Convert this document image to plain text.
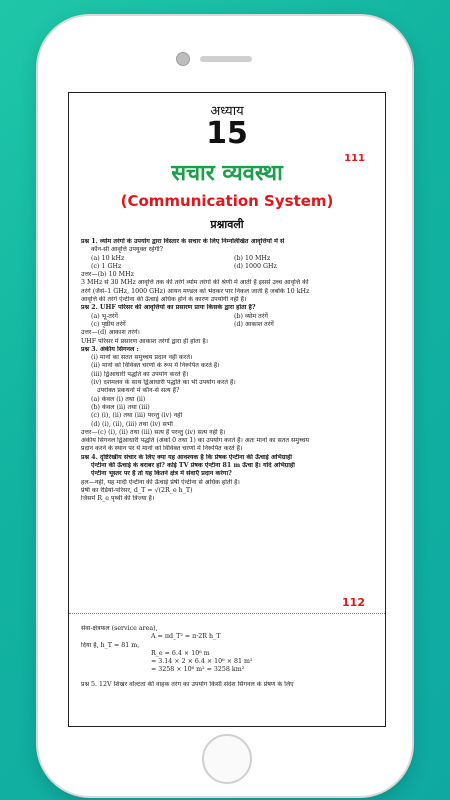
111
अध्याय
15
सचार व्यवस्था
(Communication System)
प्रश्नावली

प्रश्न 1. व्योम तरंगों के उपयोग द्वारा विस्तार के सचार के लिए निम्नलिखित आवृत्तियों में से

कौन-सी आवृत्ति उपयुक्त रहेगी?

(a) 10 kHz	(b) 10 MHz
(c) 1 GHz	(d) 1000 GHz

उत्तर—(b) 10 MHz

3 MHz से 30 MHz आवृत्ति तक की तरंगें व्योम तरंगों की श्रेणी में आती हैं इससे उच्च आवृत्ति की

तरंगें (जैसे–1 GHz, 1000 GHz) आयन मण्डल को भेदकर पार निकल जाती हैं जबकि 10 kHz

आवृत्ति की तरंगें ऐन्टीना की ऊँचाई अधिक होने के कारण उपयोगी नहीं हैं।

प्रश्न 2. UHF परिसर की आवृत्तियों का प्रसारण प्रायः किसके द्वारा होता है?

(a) भू-तरंगें	(b) व्योम तरंगें
(c) पृष्ठीय तरंगें	(d) आकाश तरंगें

उत्तर—(d) आकाश तरंगें।

UHF परिसर में प्रसारण आकाश तरंगों द्वारा ही होता है।

प्रश्न 3. अंकीय सिगनल :

(i) मानों का सतत समुच्चय प्रदान नहीं करते।

(ii) मानों को विविक्त चरणों के रूप में निरूपित करते हैं।

(iii) द्विआधारी पद्धति का उपयोग करते हैं।

(iv) दशमलव के साथ द्विआधारी पद्धति का भी उपयोग करते हैं।

उपरोक्त प्रकथनों में कौन-से सत्य हैं?

(a) केवल (i) तथा (ii)

(b) केवल (ii) तथा (iii)

(c) (i), (ii) तथा (iii) परन्तु (iv) नहीं

(d) (i), (ii), (iii) तथा (iv) सभी

उत्तर—(c) (i), (ii) तथा (iii) सत्य हैं परन्तु (iv) सत्य नहीं है।

अंकीय सिगनल द्विआधारी पद्धति (अंकों 0 तथा 1) का उपयोग करते हैं। अतः मानों का सतत समुच्चय

प्रदान करने के स्थान पर ये मानों को विविक्त चरणों में निरूपित करते हैं।

प्रश्न 4. दृष्टिरेखीय संचार के लिए क्या यह आवश्यक है कि प्रेषक ऐन्टीना की ऊँचाई अभिग्राही

ऐन्टीना की ऊँचाई के बराबर हो? कोई TV प्रेषक ऐन्टीना 81 m ऊँचा है। यदि अभिग्राही

ऐन्टीना भूस्तर पर है तो यह कितने क्षेत्र में सेवाएँ प्रदान करेगा?

हल—नहीं, यह मादी ऐन्टीना की ऊँचाई प्रेषी ऐन्टीना से अधिक होती है।

प्रेषी का रेडियो-परिसर, d_T = √(2R_e h_T)

जिसमें R_e पृथ्वी की त्रिज्या है।

112

सेवा-क्षेत्रफल (service area),

A = πd_T² = π·2R h_T

दिया है, h_T = 81 m,

R_e = 6.4 × 10⁶ m

= 3.14 × 2 × 6.4 × 10⁶ × 81 m²

= 3258 × 10⁶ m² = 3258 km²

प्रश्न 5. 12V शिखर वोल्टता की वाहक तरंग का उपयोग किसी संदेश सिगनल के प्रेषण के लिए
